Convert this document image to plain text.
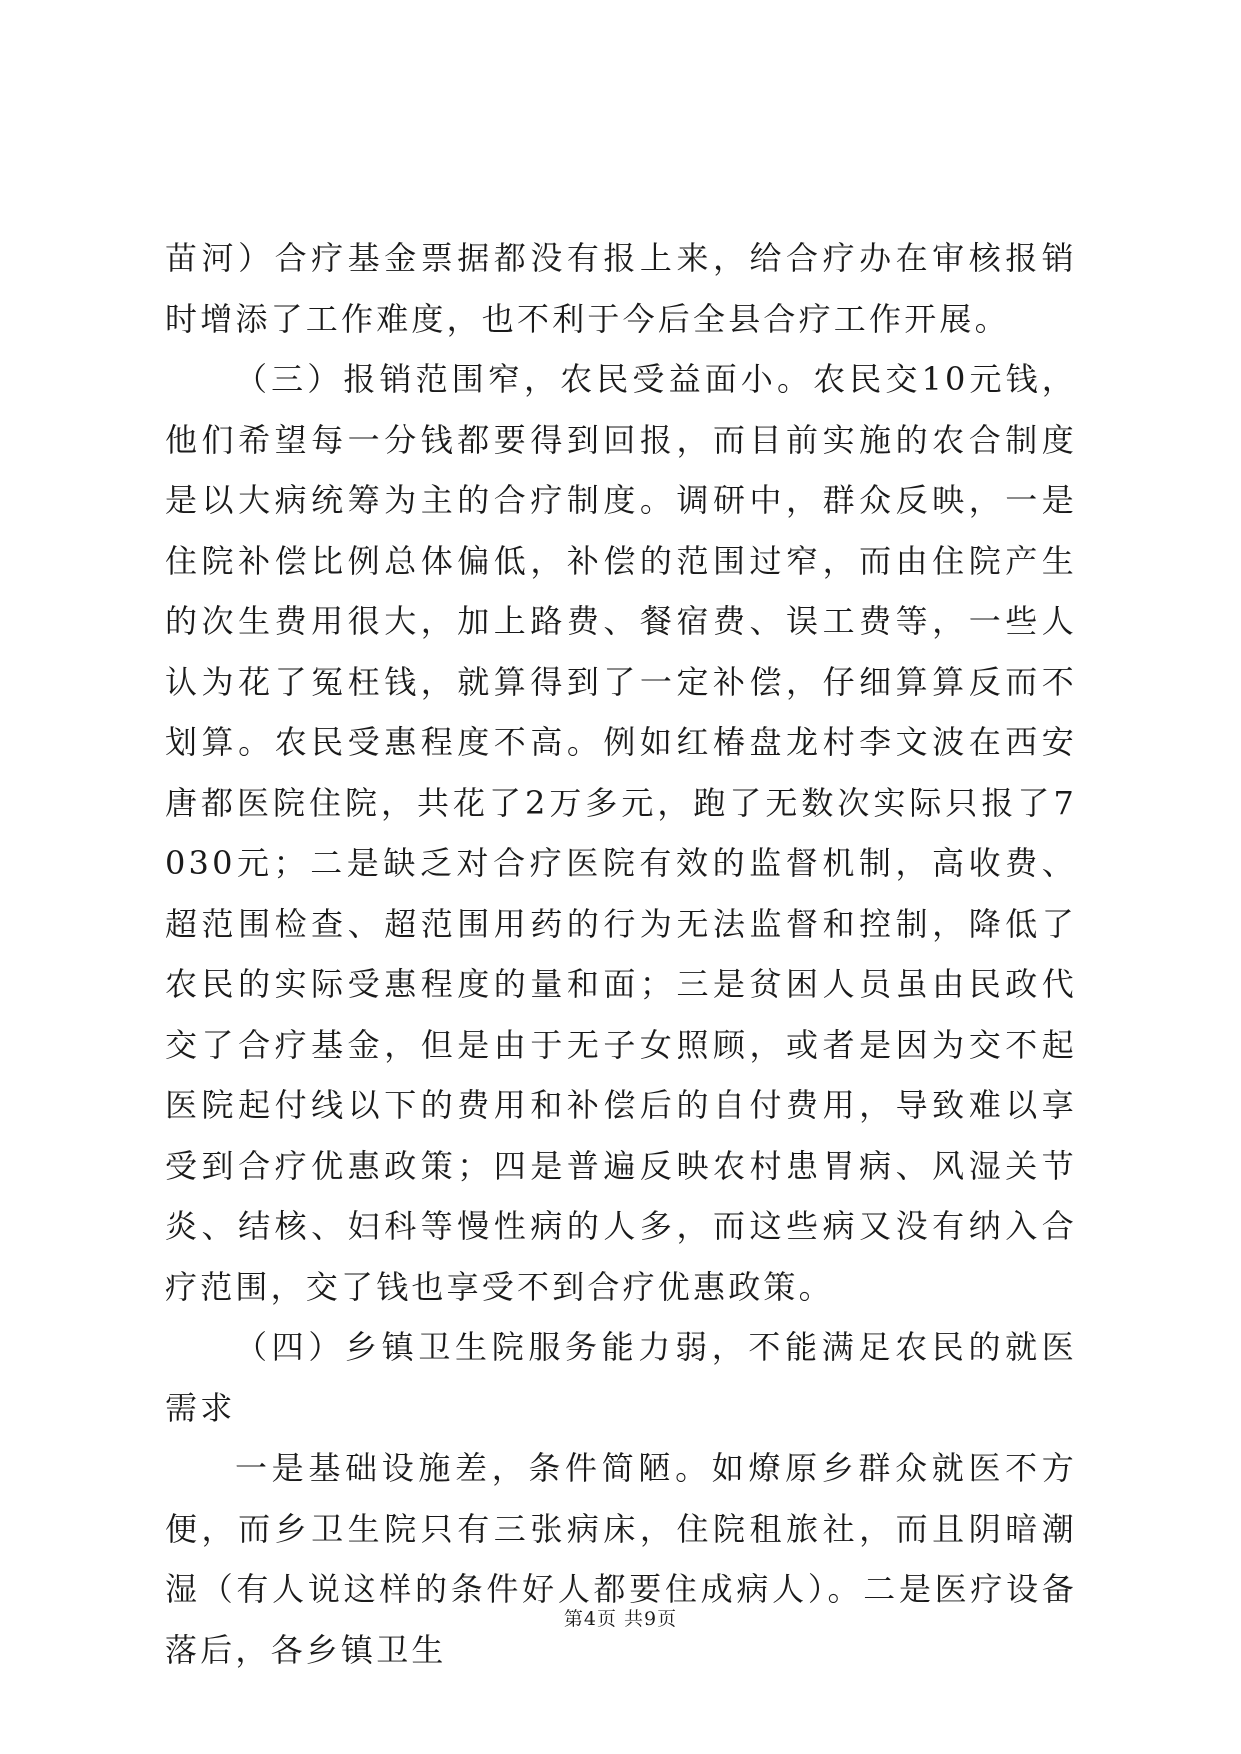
苗河）合疗基金票据都没有报上来，给合疗办在审核报销时增添了工作难度，也不利于今后全县合疗工作开展。

（三）报销范围窄，农民受益面小。农民交10元钱，他们希望每一分钱都要得到回报，而目前实施的农合制度是以大病统筹为主的合疗制度。调研中，群众反映，一是住院补偿比例总体偏低，补偿的范围过窄，而由住院产生的次生费用很大，加上路费、餐宿费、误工费等，一些人认为花了冤枉钱，就算得到了一定补偿，仔细算算反而不划算。农民受惠程度不高。例如红椿盘龙村李文波在西安唐都医院住院，共花了2万多元，跑了无数次实际只报了7030元；二是缺乏对合疗医院有效的监督机制，高收费、超范围检查、超范围用药的行为无法监督和控制，降低了农民的实际受惠程度的量和面；三是贫困人员虽由民政代交了合疗基金，但是由于无子女照顾，或者是因为交不起医院起付线以下的费用和补偿后的自付费用，导致难以享受到合疗优惠政策；四是普遍反映农村患胃病、风湿关节炎、结核、妇科等慢性病的人多，而这些病又没有纳入合疗范围，交了钱也享受不到合疗优惠政策。

（四）乡镇卫生院服务能力弱，不能满足农民的就医需求

一是基础设施差，条件简陋。如燎原乡群众就医不方便，而乡卫生院只有三张病床，住院租旅社，而且阴暗潮湿（有人说这样的条件好人都要住成病人）。二是医疗设备落后，各乡镇卫生

第4页 共9页
